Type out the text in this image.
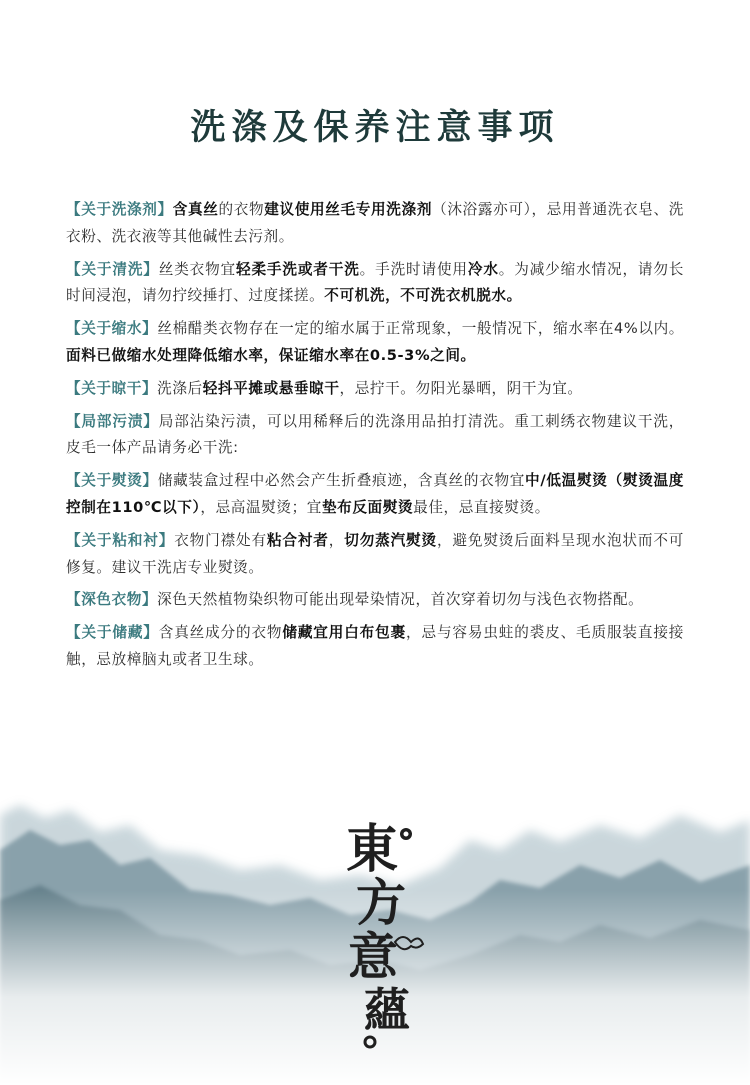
洗涤及保养注意事项

【关于洗涤剂】含真丝的衣物建议使用丝毛专用洗涤剂（沐浴露亦可），忌用普通洗衣皂、洗衣粉、洗衣液等其他碱性去污剂。

【关于清洗】丝类衣物宜轻柔手洗或者干洗。手洗时请使用冷水。为减少缩水情况，请勿长时间浸泡，请勿拧绞捶打、过度揉搓。不可机洗，不可洗衣机脱水。

【关于缩水】丝棉醋类衣物存在一定的缩水属于正常现象，一般情况下，缩水率在4%以内。面料已做缩水处理降低缩水率，保证缩水率在0.5-3%之间。

【关于晾干】洗涤后轻抖平摊或悬垂晾干，忌拧干。勿阳光暴晒，阴干为宜。

【局部污渍】局部沾染污渍，可以用稀释后的洗涤用品拍打清洗。重工刺绣衣物建议干洗，皮毛一体产品请务必干洗:

【关于熨烫】储藏装盒过程中必然会产生折叠痕迹，含真丝的衣物宜中/低温熨烫（熨烫温度控制在110℃以下），忌高温熨烫；宜垫布反面熨烫最佳，忌直接熨烫。

【关于粘和衬】衣物门襟处有粘合衬者，切勿蒸汽熨烫，避免熨烫后面料呈现水泡状而不可修复。建议干洗店专业熨烫。

【深色衣物】深色天然植物染织物可能出现晕染情况，首次穿着切勿与浅色衣物搭配。

【关于储藏】含真丝成分的衣物储藏宜用白布包裹，忌与容易虫蛀的裘皮、毛质服装直接接触，忌放樟脑丸或者卫生球。

東
方
意
蘊
